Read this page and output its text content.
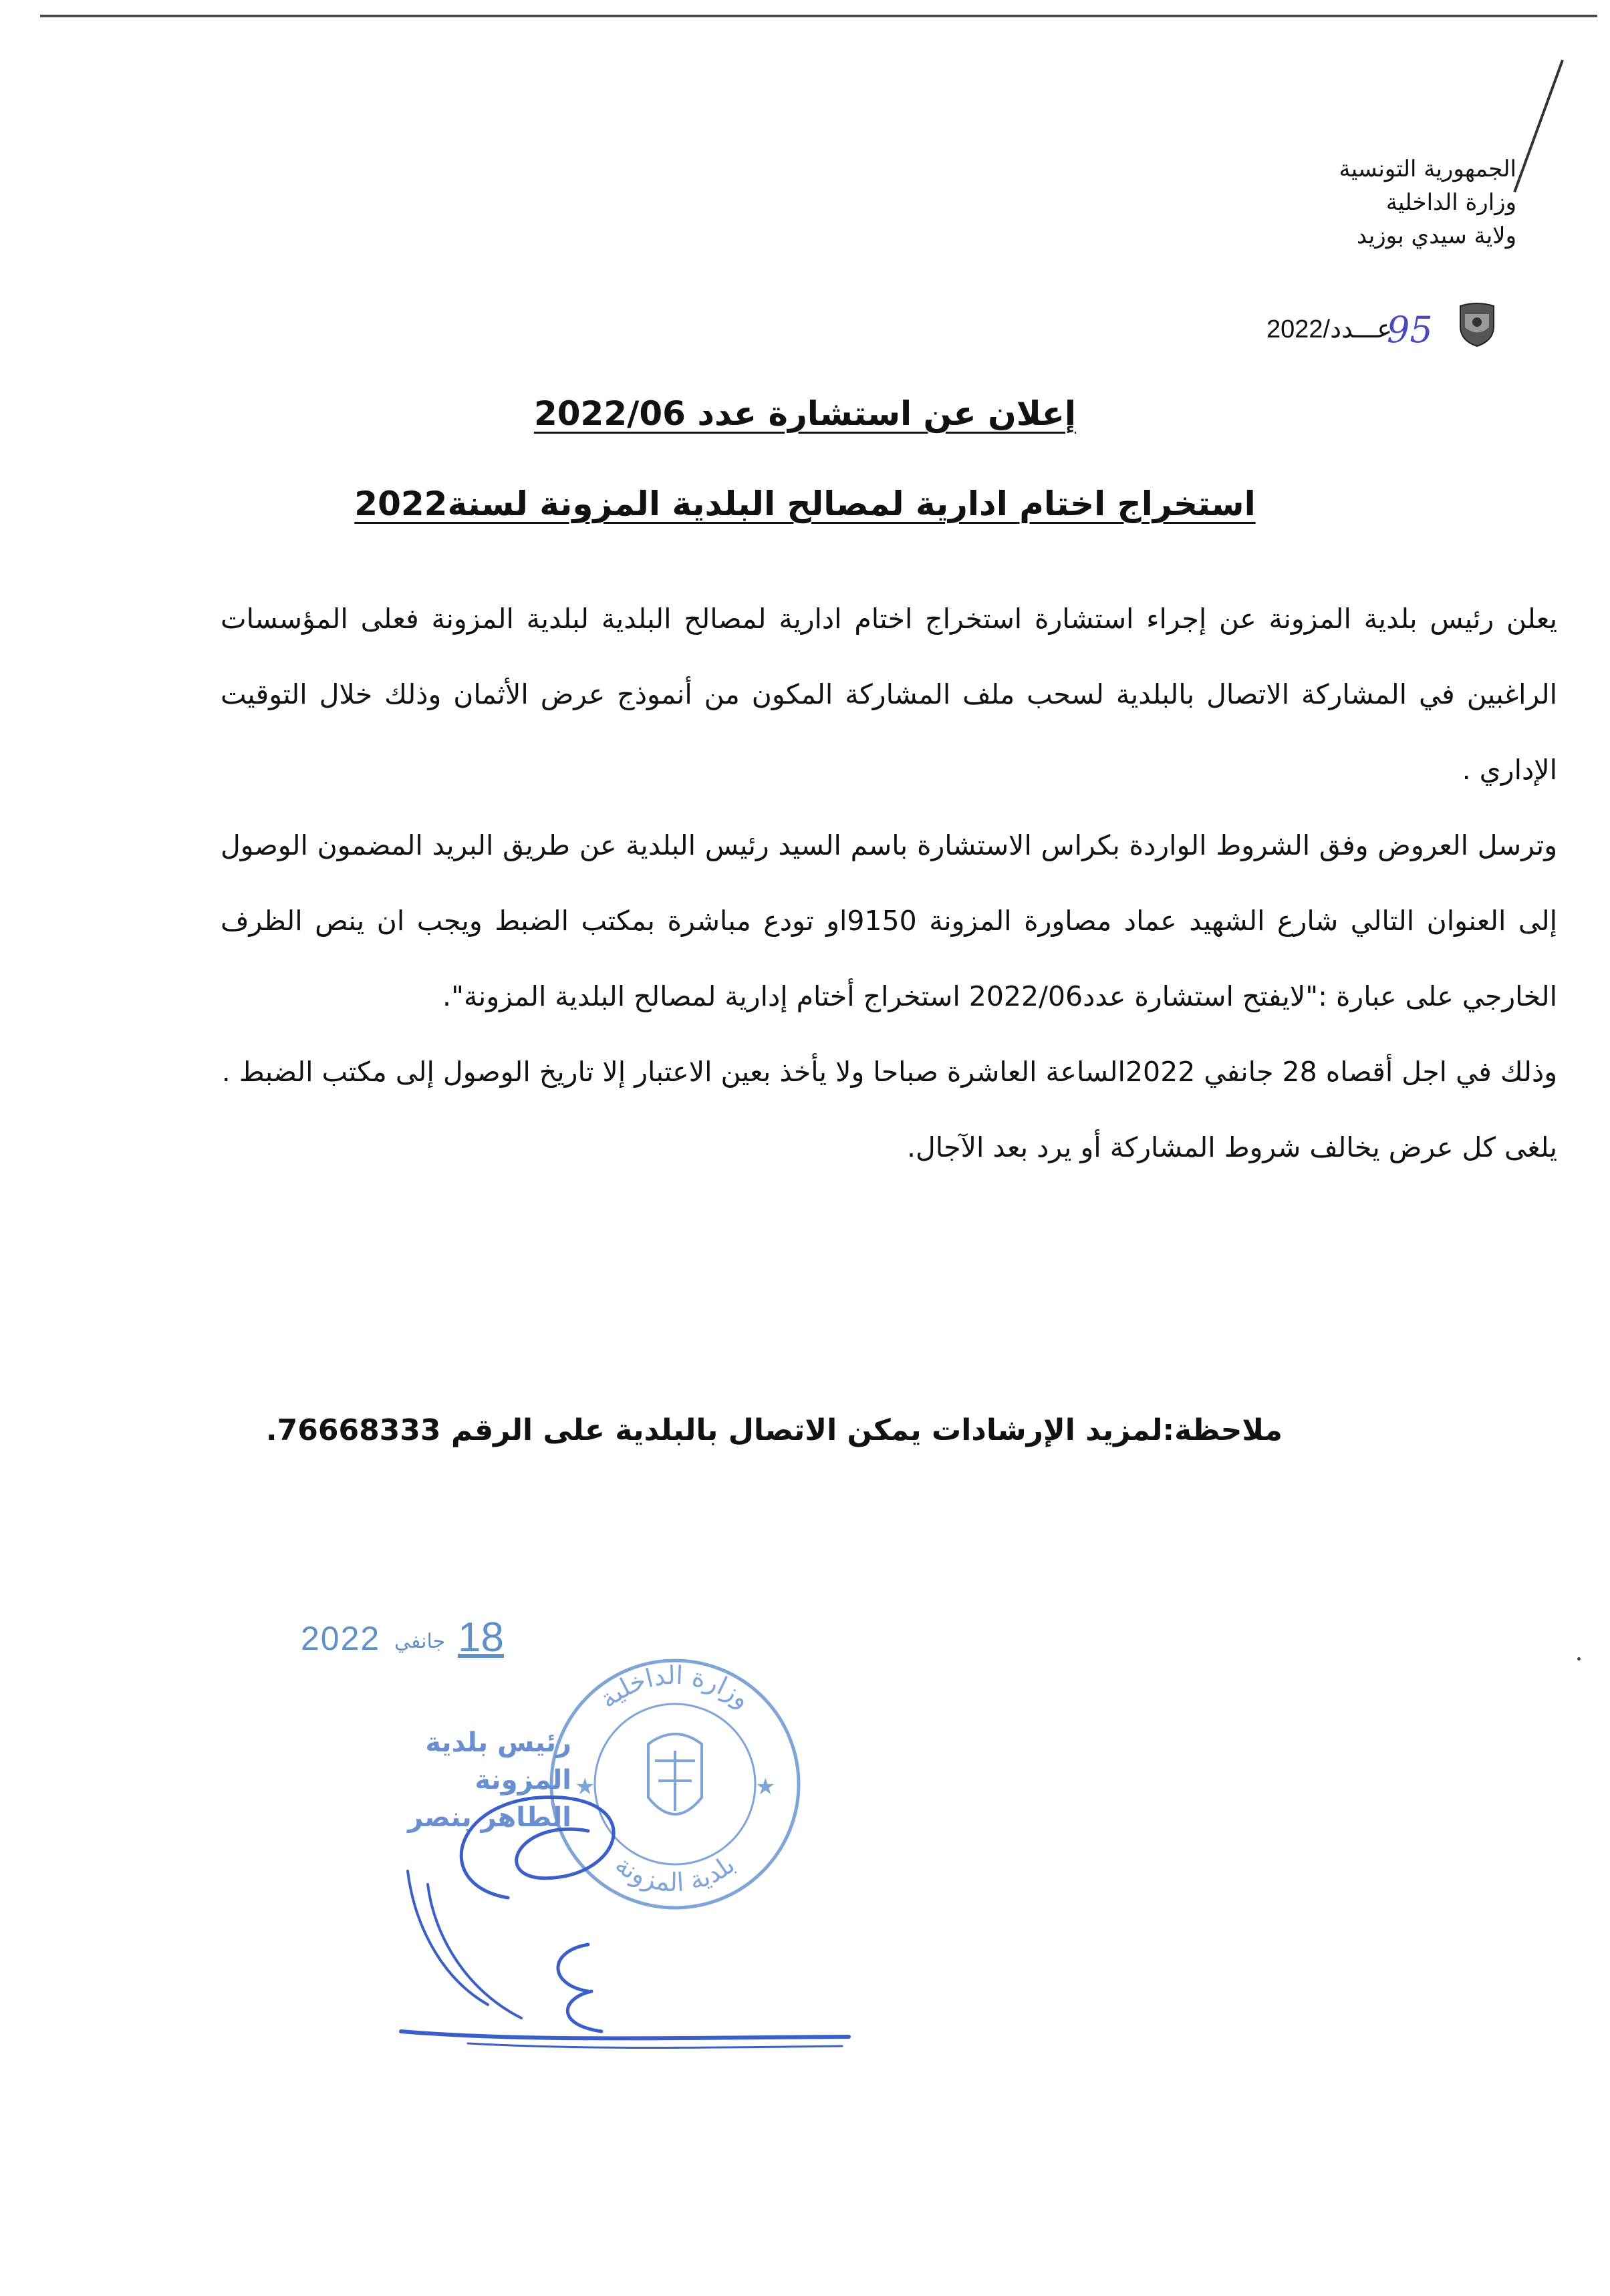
الجمهورية التونسية
وزارة الداخلية
ولاية سيدي بوزيد
عـــدد/2022
95
إعلان عن استشارة عدد 2022/06
استخراج اختام ادارية لمصالح البلدية المزونة لسنة2022

يعلن رئيس بلدية المزونة عن إجراء استشارة استخراج اختام ادارية لمصالح البلدية لبلدية المزونة فعلى المؤسسات الراغبين في المشاركة الاتصال بالبلدية لسحب ملف المشاركة المكون من أنموذج عرض الأثمان وذلك خلال التوقيت الإداري .

وترسل العروض وفق الشروط الواردة بكراس الاستشارة باسم السيد رئيس البلدية عن طريق البريد المضمون الوصول إلى العنوان التالي شارع الشهيد عماد مصاورة المزونة 9150او تودع مباشرة بمكتب الضبط ويجب ان ينص الظرف الخارجي على عبارة :"لايفتح استشارة عدد2022/06 استخراج أختام إدارية لمصالح البلدية المزونة".

وذلك في اجل أقصاه 28 جانفي 2022الساعة العاشرة صباحا ولا يأخذ بعين الاعتبار إلا تاريخ الوصول إلى مكتب الضبط .

يلغى كل عرض يخالف شروط المشاركة أو يرد بعد الآجال.

ملاحظة:لمزيد الإرشادات يمكن الاتصال بالبلدية على الرقم 76668333.
2022 جانفي 18
وزارة الداخلية
بلدية المزونة
★	★
رئيس بلدية المزونة
الطاهر بنصر
